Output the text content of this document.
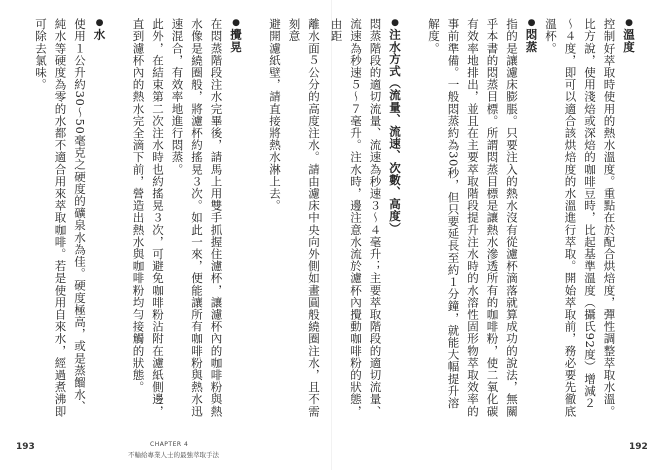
離水面５公分的高度注水。請由濾床中央向外側如畫圓般繞圈注水，且不需刻意

避開濾紙壁，請直接將熱水淋上去。

●攪晃

在悶蒸階段注水完畢後，請馬上用雙手抓握住濾杯，讓濾杯內的咖啡粉與熱水像是繞圈般，將濾杯約搖晃３次。如此一來，便能讓所有咖啡粉與熱水迅速混合，有效率地進行悶蒸。

此外，在結束第二次注水時也約搖晃３次，可避免咖啡粉沾附在濾紙側邊，直到濾杯內的熱水完全滴下前，營造出熱水與咖啡粉均勻接觸的狀態。

●水

使用１公升約30～50毫克之硬度的礦泉水為佳。硬度極高，或是蒸餾水、純水等硬度為零的水都不適合用來萃取咖啡。若是使用自來水，經過煮沸即可除去氯味。	●溫度

控制好萃取時使用的熱水溫度。重點在於配合烘焙度，彈性調整萃取水溫。比方說，使用淺焙或深焙的咖啡豆時，比起基準溫度（攝氏92度）增減２～４度，即可以適合該烘焙度的水溫進行萃取。開始萃取前，務必要先徹底溫杯。

●悶蒸

指的是讓濾床膨脹。只要注入的熱水沒有從濾杯滴落就算成功的說法，無關乎本書的悶蒸目標。所謂悶蒸目標是讓熱水滲透所有的咖啡粉，使二氧化碳有效率地排出，並且在主要萃取階段提升注水時的水溶性固形物萃取效率的事前準備。一般悶蒸約為30秒，但只要延長至約１分鐘，就能大幅提升溶解度。

●注水方式（流量、流速、次數、高度）

悶蒸階段的適切流量、流速為秒速３～４毫升；主要萃取階段的適切流量、流速為秒速５～７毫升。注水時，邊注意水流於濾杯內攪動咖啡粉的狀態，由距

193	CHAPTER 4
不輸給專業人士的最強萃取手法
192
